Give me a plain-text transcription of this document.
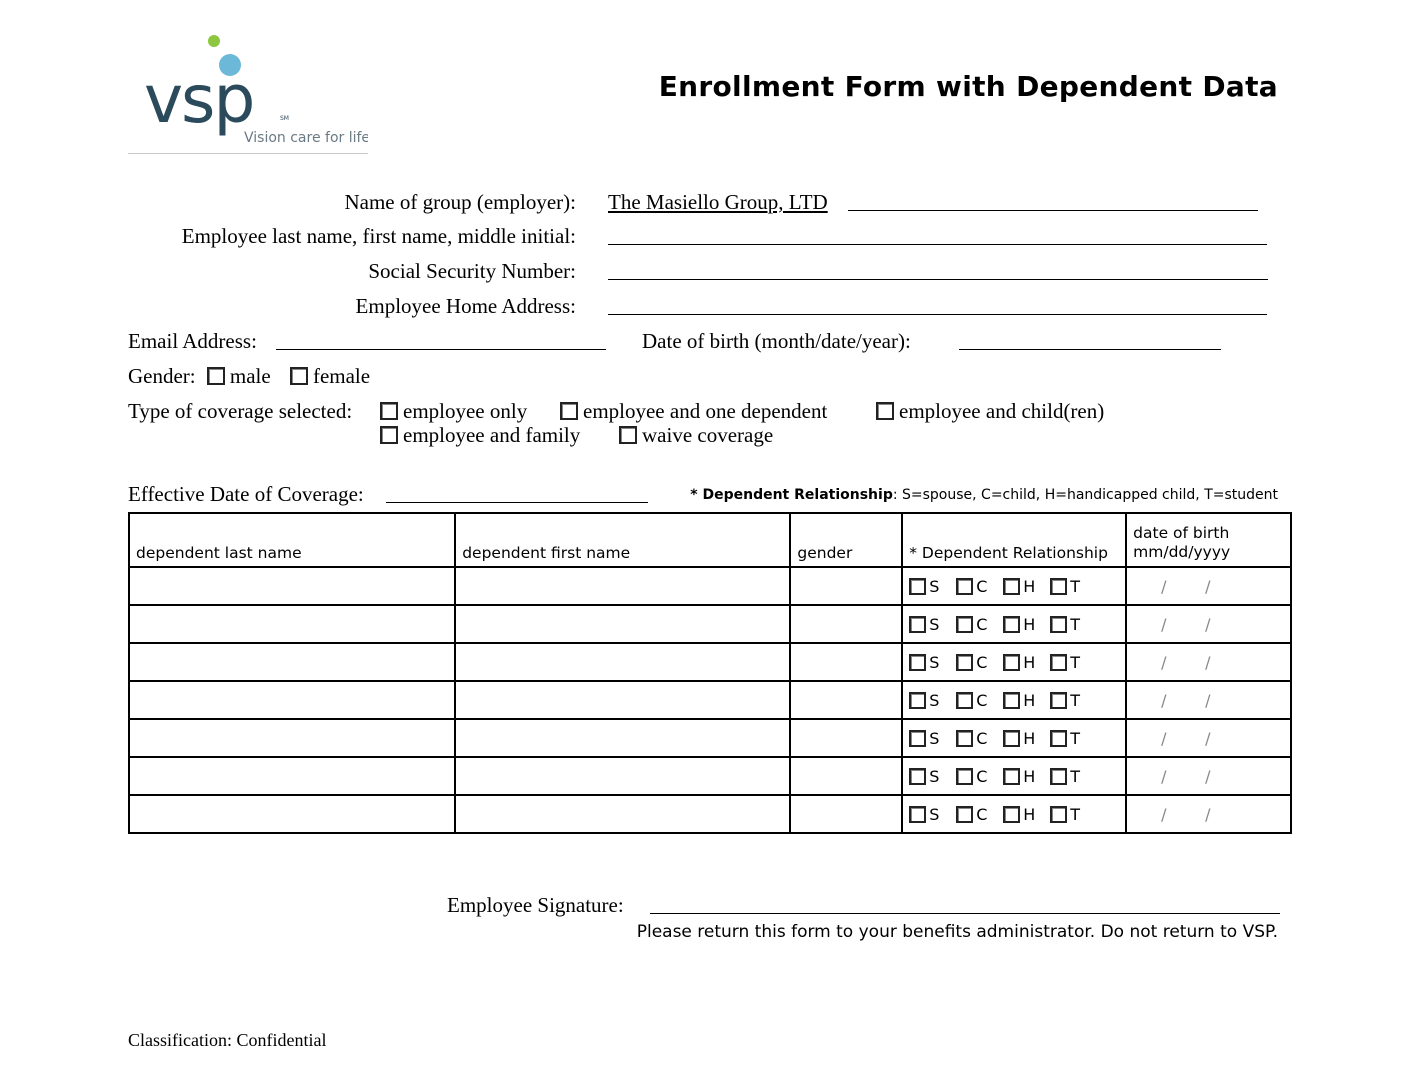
vsp	SM
Vision care for life
Enrollment Form with Dependent Data
Name of group (employer): The Masiello Group, LTD
Employee last name, first name, middle initial:
Social Security Number:
Employee Home Address:
Email Address:	Date of birth (month/date/year):
Gender: male female
Type of coverage selected:	employee only	employee and one dependent	employee and child(ren)
employee and family	waive coverage
Effective Date of Coverage:	* Dependent Relationship: S=spouse, C=child, H=handicapped child, T=student
dependent last name	dependent first name	gender	* Dependent Relationship	date of birth
mm/dd/yyyy

			S C H T	/ /

			S C H T	/ /

			S C H T	/ /

			S C H T	/ /

			S C H T	/ /

			S C H T	/ /

			S C H T	/ /
Employee Signature:
Please return this form to your benefits administrator. Do not return to VSP.
Classification: Confidential
